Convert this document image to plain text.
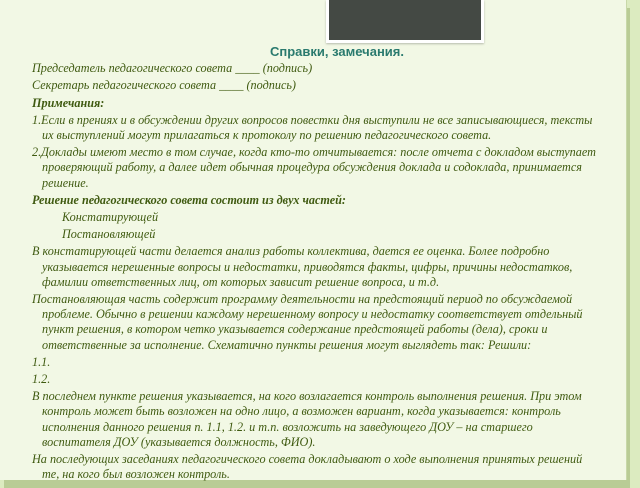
Справки, замечания.
Председатель педагогического совета ____ (подпись)
Секретарь педагогического совета ____ (подпись)
Примечания:
1.Если в прениях и в обсуждении других вопросов повестки дня выступили не все записывающиеся, тексты их выступлений могут прилагаться к протоколу по решению педагогического совета.
2.Доклады имеют место в том случае, когда кто-то отчитывается: после отчета с докладом выступает проверяющий работу, а далее идет обычная процедура обсуждения доклада и содоклада, принимается решение.
Решение педагогического совета состоит из двух частей:
Констатирующей
Постановляющей
В констатирующей части делается анализ работы коллектива, дается ее оценка. Более подробно указывается нерешенные вопросы и недостатки, приводятся факты, цифры, причины недостатков, фамилии ответственных лиц, от которых зависит решение вопроса, и т.д.
Постановляющая часть содержит программу деятельности на предстоящий период по обсуждаемой проблеме. Обычно в решении каждому нерешенному вопросу и недостатку соответствует отдельный пункт решения, в котором четко указывается содержание предстоящей работы (дела), сроки и ответственные за исполнение. Схематично пункты решения могут выглядеть так: Решили:
1.1.
1.2.
В последнем пункте решения указывается, на кого возлагается контроль выполнения решения. При этом контроль может быть возложен на одно лицо, а возможен вариант, когда указывается: контроль исполнения данного решения п. 1.1, 1.2. и т.п. возложить на заведующего ДОУ – на старшего воспитателя ДОУ (указывается должность, ФИО).
На последующих заседаниях педагогического совета докладывают о ходе выполнения принятых решений те, на кого был возложен контроль.
